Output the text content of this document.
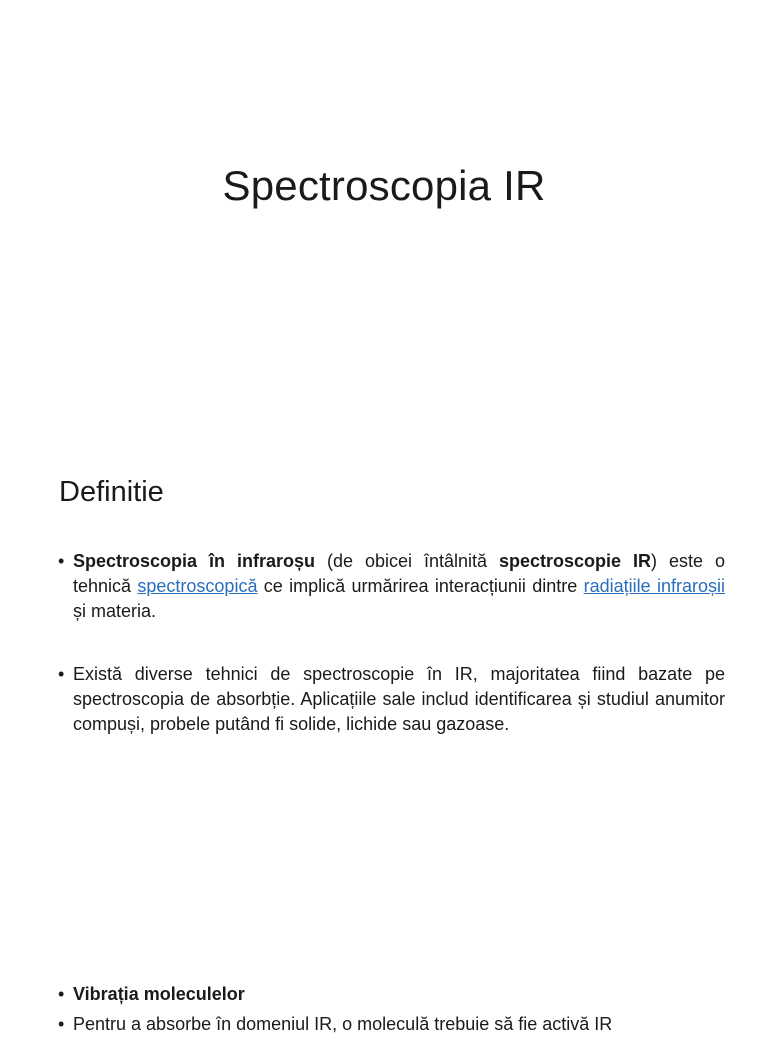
Spectroscopia IR
Definitie
• Spectroscopia în infraroșu (de obicei întâlnită spectroscopie IR) este o tehnică spectroscopică ce implică urmărirea interacțiunii dintre radiațiile infraroșii și materia.
• Există diverse tehnici de spectroscopie în IR, majoritatea fiind bazate pe spectroscopia de absorbție. Aplicațiile sale includ identificarea și studiul anumitor compuși, probele putând fi solide, lichide sau gazoase.
• Vibrația moleculelor
• Pentru a absorbe în domeniul IR, o moleculă trebuie să fie activă IR
